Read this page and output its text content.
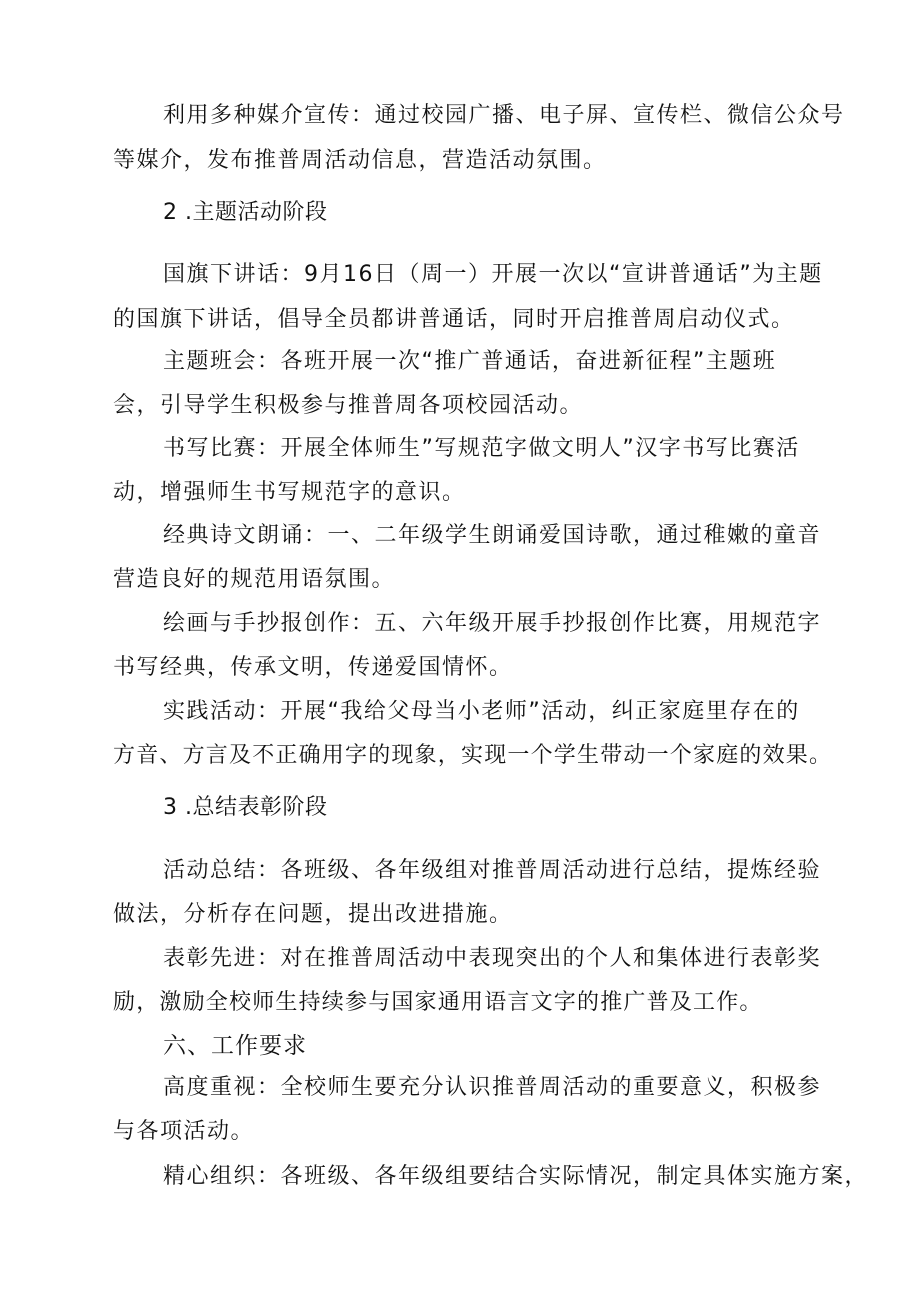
利用多种媒介宣传：通过校园广播、电子屏、宣传栏、微信公众号
等媒介，发布推普周活动信息，营造活动氛围。
2 .主题活动阶段
国旗下讲话：9月16日（周一）开展一次以“宣讲普通话”为主题
的国旗下讲话，倡导全员都讲普通话，同时开启推普周启动仪式。
主题班会：各班开展一次“推广普通话，奋进新征程”主题班
会，引导学生积极参与推普周各项校园活动。
书写比赛：开展全体师生”写规范字做文明人”汉字书写比赛活
动，增强师生书写规范字的意识。
经典诗文朗诵：一、二年级学生朗诵爱国诗歌，通过稚嫩的童音
营造良好的规范用语氛围。
绘画与手抄报创作：五、六年级开展手抄报创作比赛，用规范字
书写经典，传承文明，传递爱国情怀。
实践活动：开展“我给父母当小老师”活动，纠正家庭里存在的
方音、方言及不正确用字的现象，实现一个学生带动一个家庭的效果。
3 .总结表彰阶段
活动总结：各班级、各年级组对推普周活动进行总结，提炼经验
做法，分析存在问题，提出改进措施。
表彰先进：对在推普周活动中表现突出的个人和集体进行表彰奖
励，激励全校师生持续参与国家通用语言文字的推广普及工作。
六、工作要求
高度重视：全校师生要充分认识推普周活动的重要意义，积极参
与各项活动。
精心组织：各班级、各年级组要结合实际情况，制定具体实施方案，
